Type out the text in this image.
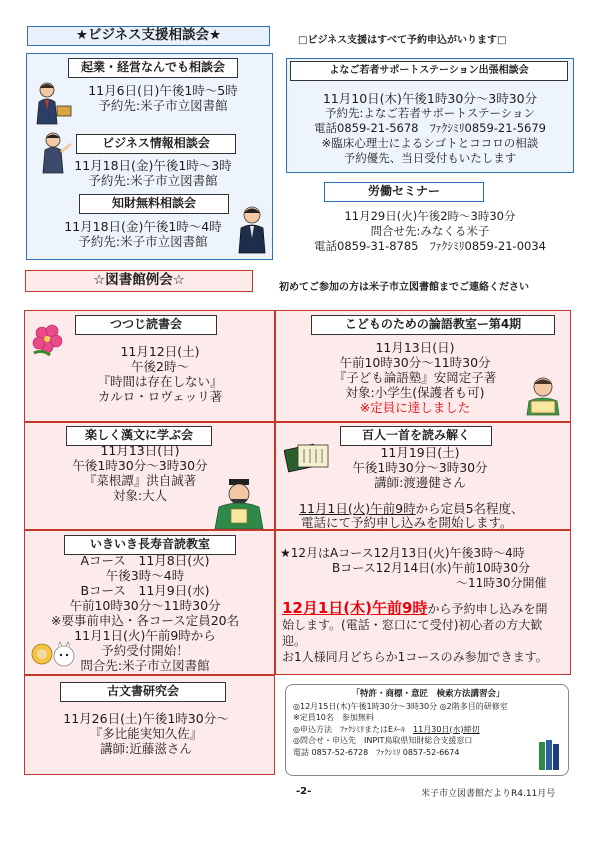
★ビジネス支援相談会★	□ビジネス支援はすべて予約申込がいります□
起業・経営なんでも相談会
11月6日(日)午後1時～5時
予約先:米子市立図書館
ビジネス情報相談会
11月18日(金)午後1時～3時
予約先:米子市立図書館
知財無料相談会
11月18日(金)午後1時～4時
予約先:米子市立図書館
よなご若者サポートステーション出張相談会
11月10日(木)午後1時30分～3時30分
予約先:よなご若者サポートステーション
電話0859-21-5678　ﾌｧｸｼﾐﾘ0859-21-5679
※臨床心理士によるシゴトとココロの相談
予約優先、当日受付もいたします
労働セミナー
11月29日(火)午後2時～3時30分
問合せ先:みなくる米子
電話0859-31-8785　ﾌｧｸｼﾐﾘ0859-21-0034
☆図書館例会☆	初めてご参加の方は米子市立図書館までご連絡ください
つつじ読書会
11月12日(土)
午後2時～
『時間は存在しない』
カルロ・ロヴェッリ著
こどものための論語教室ー第4期
11月13日(日)
午前10時30分～11時30分
『子ども論語塾』安岡定子著
対象:小学生(保護者も可)
※定員に達しました
楽しく漢文に学ぶ会
11月13日(日)
午後1時30分～3時30分
『菜根譚』洪自誠著
対象:大人
百人一首を読み解く
11月19日(土)
午後1時30分～3時30分
講師:渡邊健さん
11月1日(火)午前9時から定員5名程度、
電話にて予約申し込みを開始します。
いきいき長寿音読教室
Aコース　11月8日(火)
午後3時～4時
Bコース　11月9日(水)
午前10時30分～11時30分
※要事前申込・各コース定員20名
11月1日(火)午前9時から
予約受付開始！
問合先:米子市立図書館
★12月はAコース12月13日(火)午後3時～4時
Bコース12月14日(水)午前10時30分
～11時30分開催
12月1日(木)午前9時から予約申し込みを開
始します。(電話・窓口にて受付)初心者の方大歓
迎。
お1人様同月どちらか1コースのみ参加できます。
古文書研究会
11月26日(土)午後1時30分～
『多比能実知久佐』
講師:近藤滋さん
「特許・商標・意匠　検索方法講習会」
◎12月15日(木)午後1時30分～3時30分 ◎2階多目的研修室
※定員10名　参加無料
◎申込方法　ﾌｧｸｼﾐﾘまたはEﾒｰﾙ　11月30日(水)締切
◎問合せ・申込先　INPIT鳥取県知財総合支援窓口
電話 0857-52-6728　ﾌｧｸｼﾐﾘ 0857-52-6674
-2-	米子市立図書館だよりR4.11月号
